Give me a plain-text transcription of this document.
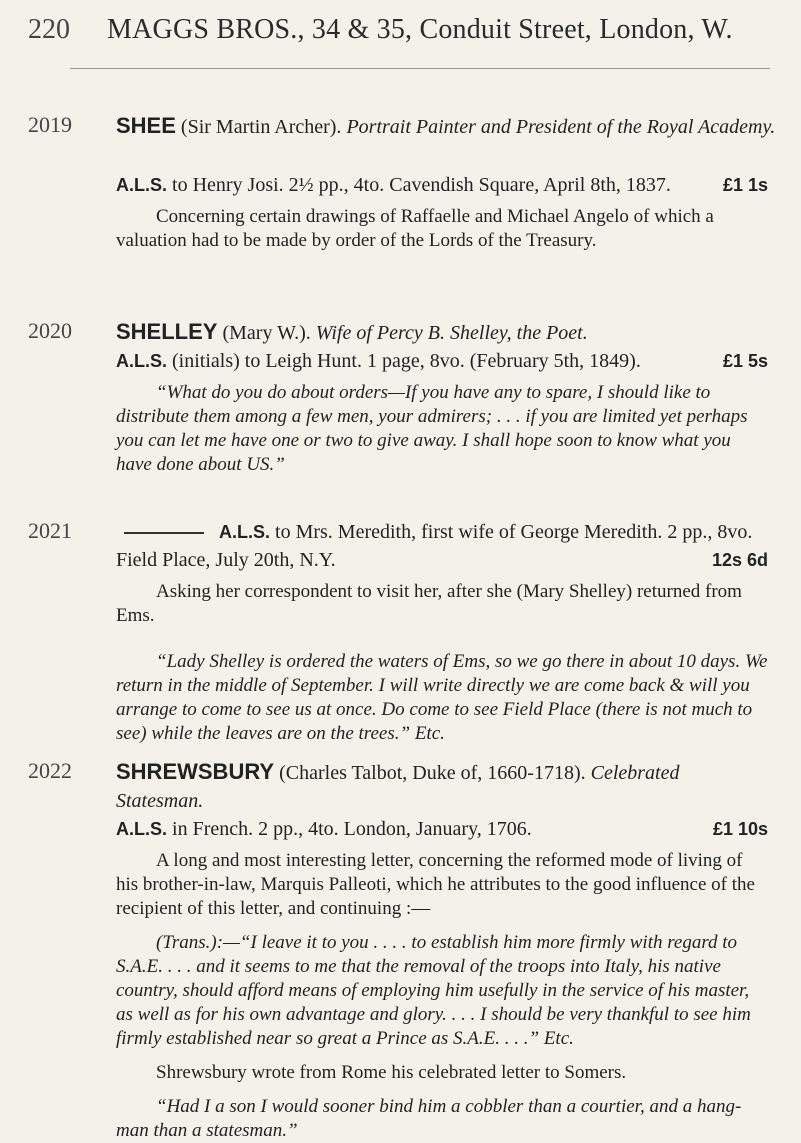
220 MAGGS BROS., 34 & 35, Conduit Street, London, W.
2019	SHEE (Sir Martin Archer). Portrait Painter and President of the Royal Academy.
A.L.S. to Henry Josi. 2½ pp., 4to. Cavendish Square, April 8th, 1837.	£1 1s
Concerning certain drawings of Raffaelle and Michael Angelo of which a valuation had to be made by order of the Lords of the Treasury.
2020	SHELLEY (Mary W.). Wife of Percy B. Shelley, the Poet.
A.L.S. (initials) to Leigh Hunt. 1 page, 8vo. (February 5th, 1849).	£1 5s
“What do you do about orders—If you have any to spare, I should like to distribute them among a few men, your admirers; . . . if you are limited yet perhaps you can let me have one or two to give away. I shall hope soon to know what you have done about US.”
2021	A.L.S. to Mrs. Meredith, first wife of George Meredith. 2 pp., 8vo. Field Place, July 20th, N.Y.	12s 6d
Asking her correspondent to visit her, after she (Mary Shelley) returned from Ems.
“Lady Shelley is ordered the waters of Ems, so we go there in about 10 days. We return in the middle of September. I will write directly we are come back & will you arrange to come to see us at once. Do come to see Field Place (there is not much to see) while the leaves are on the trees.” Etc.
2022	SHREWSBURY (Charles Talbot, Duke of, 1660-1718). Celebrated Statesman.
A.L.S. in French. 2 pp., 4to. London, January, 1706.	£1 10s
A long and most interesting letter, concerning the reformed mode of living of his brother-in-law, Marquis Palleoti, which he attributes to the good influence of the recipient of this letter, and continuing :—
(Trans.):—“I leave it to you . . . . to establish him more firmly with regard to S.A.E. . . . and it seems to me that the removal of the troops into Italy, his native country, should afford means of employing him usefully in the service of his master, as well as for his own advantage and glory. . . . I should be very thankful to see him firmly established near so great a Prince as S.A.E. . . .” Etc.
Shrewsbury wrote from Rome his celebrated letter to Somers.
“Had I a son I would sooner bind him a cobbler than a courtier, and a hang-man than a statesman.”
